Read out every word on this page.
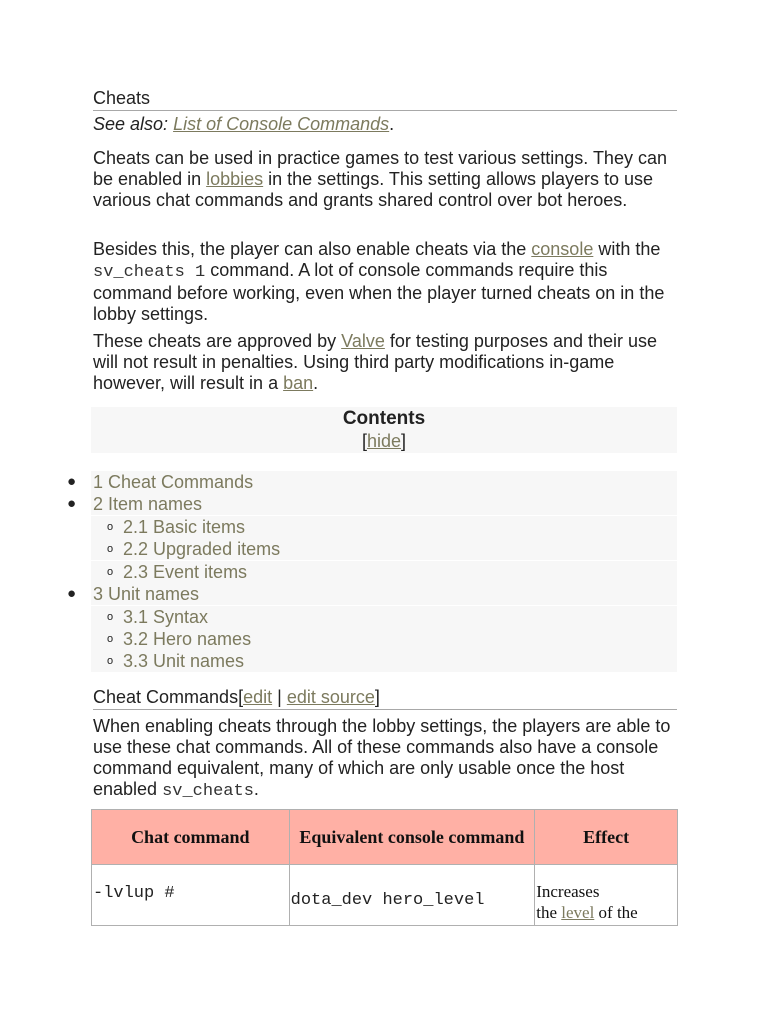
Cheats

See also: List of Console Commands.

Cheats can be used in practice games to test various settings. They can be enabled in lobbies in the settings. This setting allows players to use various chat commands and grants shared control over bot heroes.

Besides this, the player can also enable cheats via the console with the sv_cheats 1 command. A lot of console commands require this command before working, even when the player turned cheats on in the lobby settings.

These cheats are approved by Valve for testing purposes and their use will not result in penalties. Using third party modifications in-game however, will result in a ban.

Contents
[hide]
● 1 Cheat Commands
● 2 Item names
o 2.1 Basic items
o 2.2 Upgraded items
o 2.3 Event items
● 3 Unit names
o 3.1 Syntax
o 3.2 Hero names
o 3.3 Unit names
Cheat Commands[edit | edit source]

When enabling cheats through the lobby settings, the players are able to use these chat commands. All of these commands also have a console command equivalent, many of which are only usable once the host enabled sv_cheats.

Chat command	Equivalent console command	Effect

-lvlup #	dota_dev hero_level	Increases
the level of the
